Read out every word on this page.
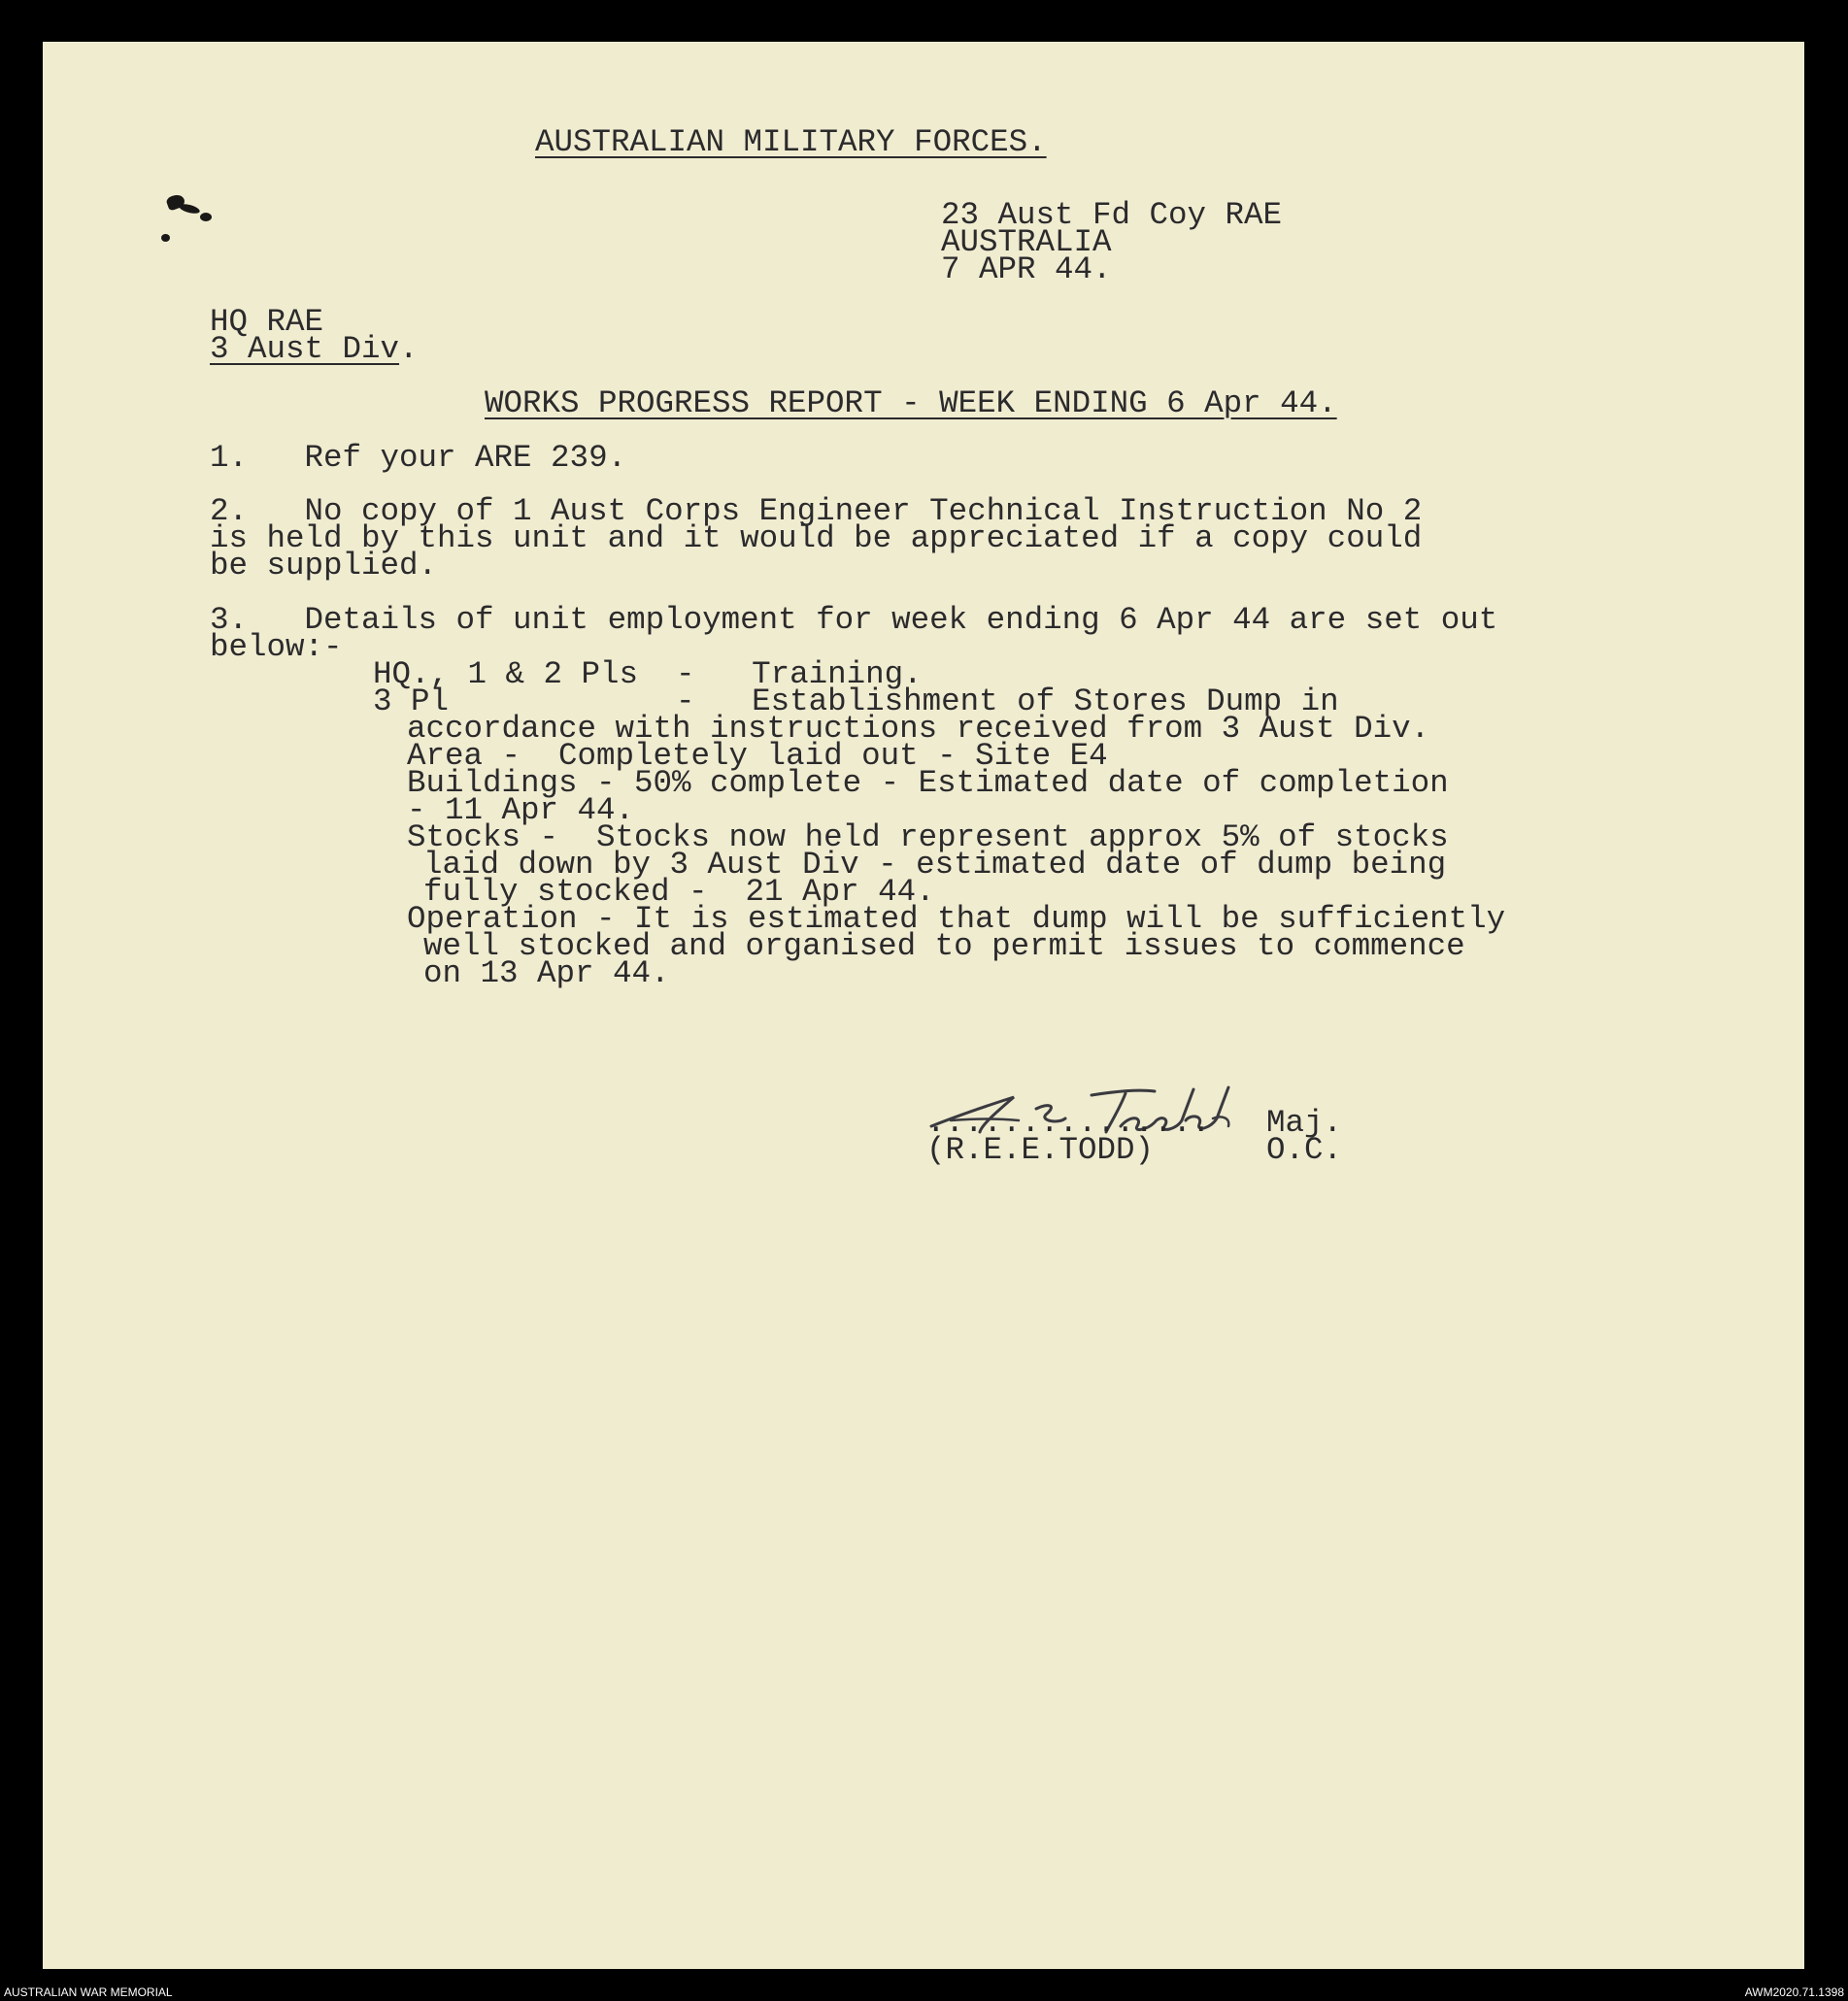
AUSTRALIAN MILITARY FORCES.
23 Aust Fd Coy RAE
AUSTRALIA
7 APR 44.
HQ RAE
3 Aust Div.
WORKS PROGRESS REPORT - WEEK ENDING 6 Apr 44.
1.   Ref your ARE 239.
2.   No copy of 1 Aust Corps Engineer Technical Instruction No 2
is held by this unit and it would be appreciated if a copy could
be supplied.
3.   Details of unit employment for week ending 6 Apr 44 are set out
below:-
HQ., 1 & 2 Pls  -   Training.
3 Pl            -   Establishment of Stores Dump in
accordance with instructions received from 3 Aust Div.
Area -  Completely laid out - Site E4
Buildings - 50% complete - Estimated date of completion
- 11 Apr 44.
Stocks -  Stocks now held represent approx 5% of stocks
laid down by 3 Aust Div - estimated date of dump being
fully stocked -  21 Apr 44.
Operation - It is estimated that dump will be sufficiently
well stocked and organised to permit issues to commence
on 13 Apr 44.
............... Maj.
(R.E.E.TODD)	O.C.
AUSTRALIAN WAR MEMORIAL	AWM2020.71.1398
